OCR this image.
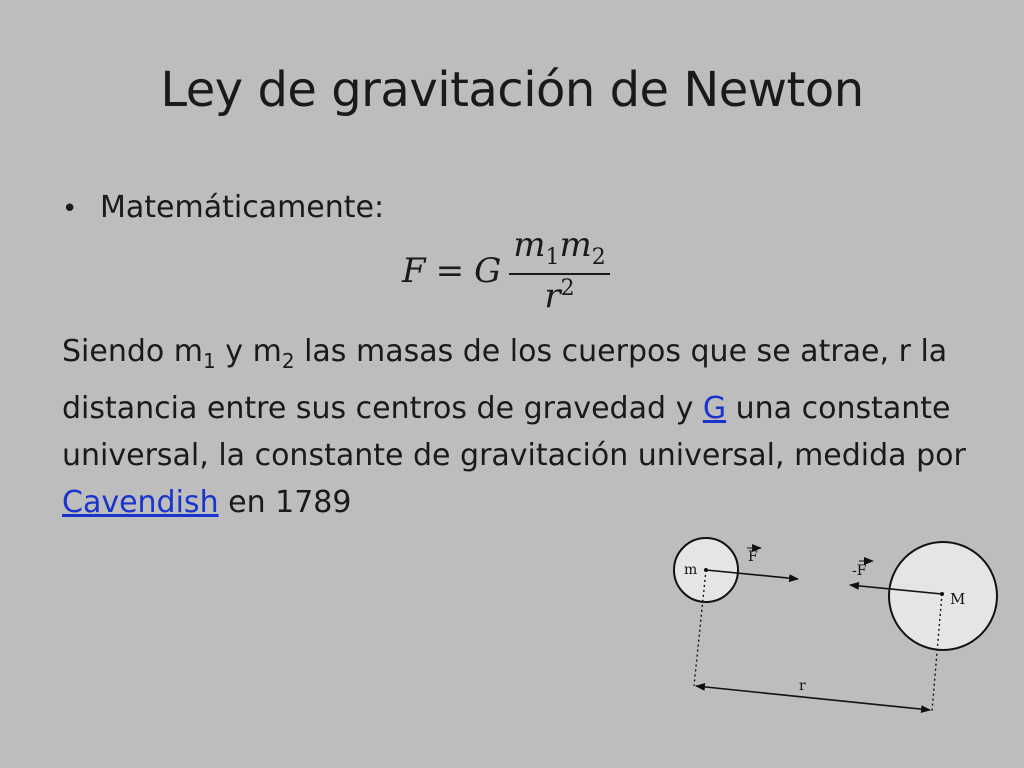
Ley de gravitación de Newton
• Matemáticamente:
F = G $\frac{m_1m_2}{r^2}$
Siendo $m_1$ y $m_2$ las masas de los cuerpos que se atrae, r la distancia entre sus centros de gravedad y G una constante universal, la constante de gravitación universal, medida por Cavendish en 1789
m
M
F
-F
r
